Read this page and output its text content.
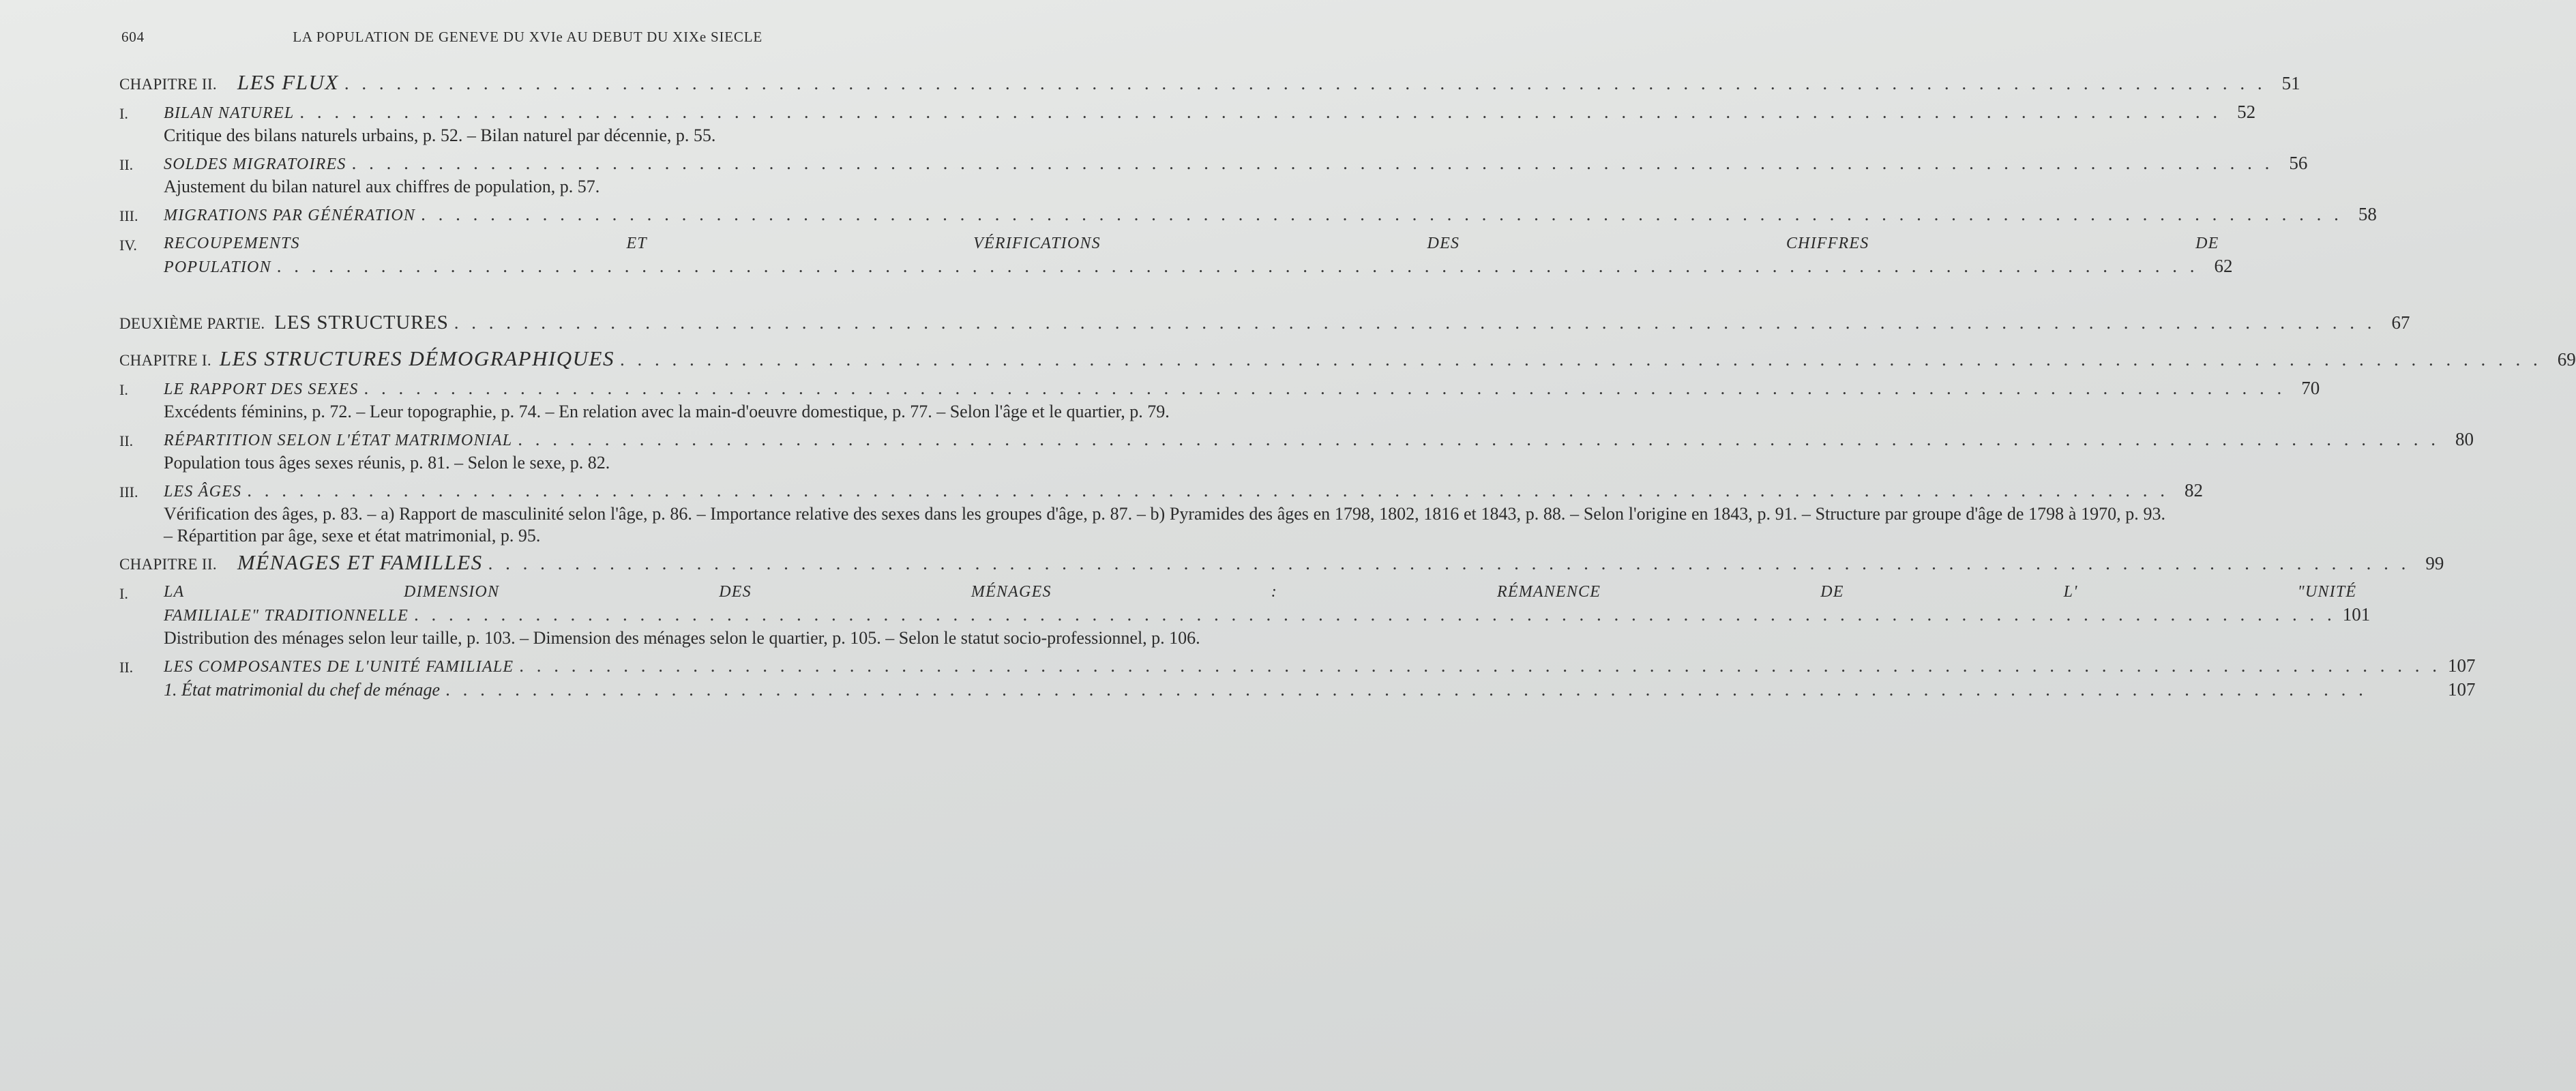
604	LA POPULATION DE GENEVE DU XVIe AU DEBUT DU XIXe SIECLE
CHAPITRE II. LES FLUX . . .	51
I.	BILAN NATUREL . . .	52
Critique des bilans naturels urbains, p. 52. – Bilan naturel par décennie, p. 55.
II.	SOLDES MIGRATOIRES . . .	56
Ajustement du bilan naturel aux chiffres de population, p. 57.
III.	MIGRATIONS PAR GÉNÉRATION . . .	58
IV.	RECOUPEMENTS ET VÉRIFICATIONS DES CHIFFRES DE
POPULATION . . .	62
DEUXIÈME PARTIE. LES STRUCTURES . . .	67
CHAPITRE I. LES STRUCTURES DÉMOGRAPHIQUES . . .	69
I.	LE RAPPORT DES SEXES . . .	70
Excédents féminins, p. 72. – Leur topographie, p. 74. – En relation avec la main-d'oeuvre domestique, p. 77. – Selon l'âge et le quartier, p. 79.
II.	RÉPARTITION SELON L'ÉTAT MATRIMONIAL . . .	80
Population tous âges sexes réunis, p. 81. – Selon le sexe, p. 82.
III.	LES ÂGES . . .	82
Vérification des âges, p. 83. – a) Rapport de masculinité selon l'âge, p. 86. – Importance relative des sexes dans les groupes d'âge, p. 87. – b) Pyramides des âges en 1798, 1802, 1816 et 1843, p. 88. – Selon l'origine en 1843, p. 91. – Structure par groupe d'âge de 1798 à 1970, p. 93. – Répartition par âge, sexe et état matrimonial, p. 95.
CHAPITRE II. MÉNAGES ET FAMILLES . . .	99
I.	LA DIMENSION DES MÉNAGES : RÉMANENCE DE L' "UNITÉ
FAMILIALE" TRADITIONNELLE . . .	101
Distribution des ménages selon leur taille, p. 103. – Dimension des ménages selon le quartier, p. 105. – Selon le statut socio-professionnel, p. 106.
II.	LES COMPOSANTES DE L'UNITÉ FAMILIALE . . .	107
1. État matrimonial du chef de ménage . . .	107
